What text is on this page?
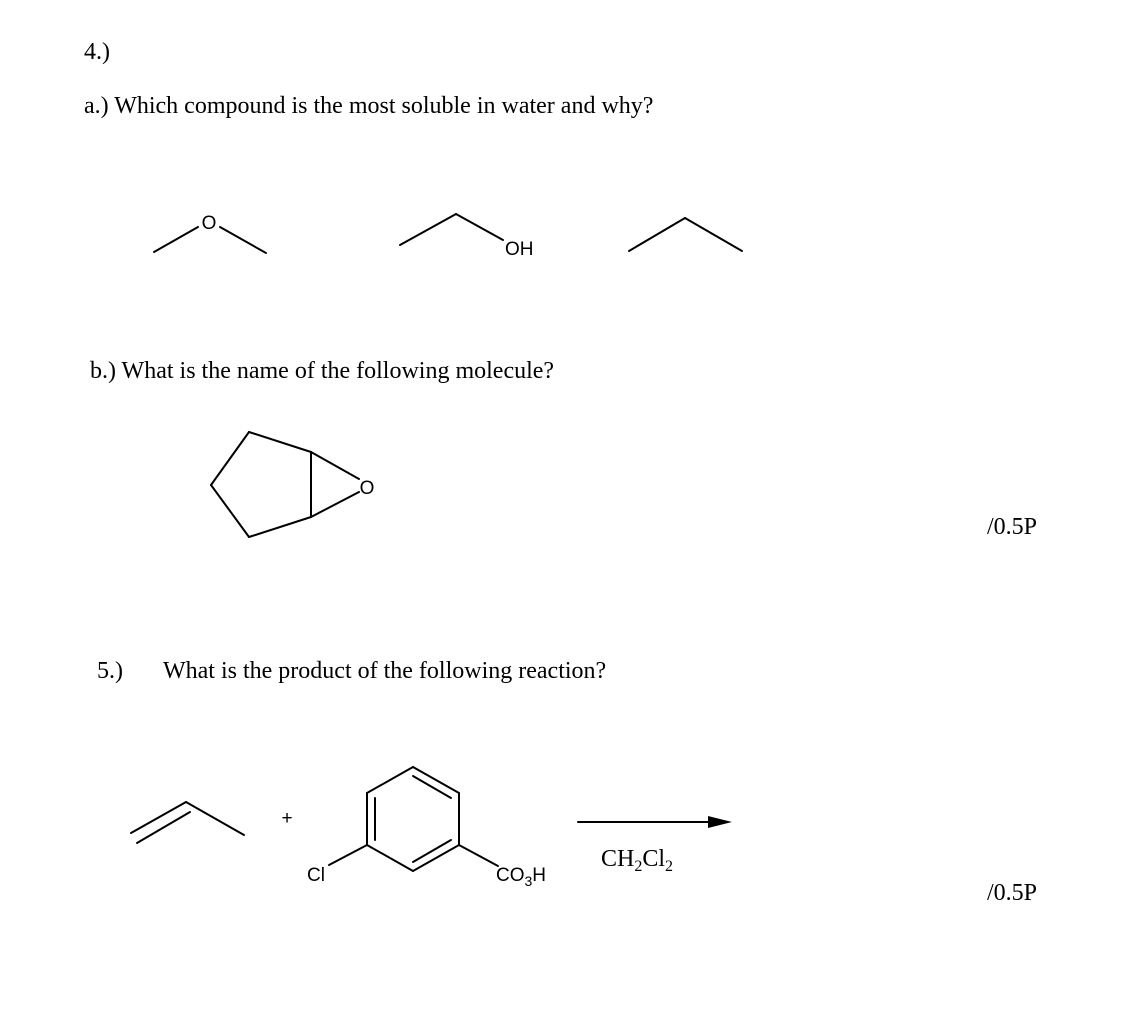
4.)
a.) Which compound is the most soluble in water and why?
b.) What is the name of the following molecule?
/0.5P
5.) What is the product of the following reaction?
/0.5P
O
OH
O
+
Cl	$CO_3H$
$CH_2Cl_2$
